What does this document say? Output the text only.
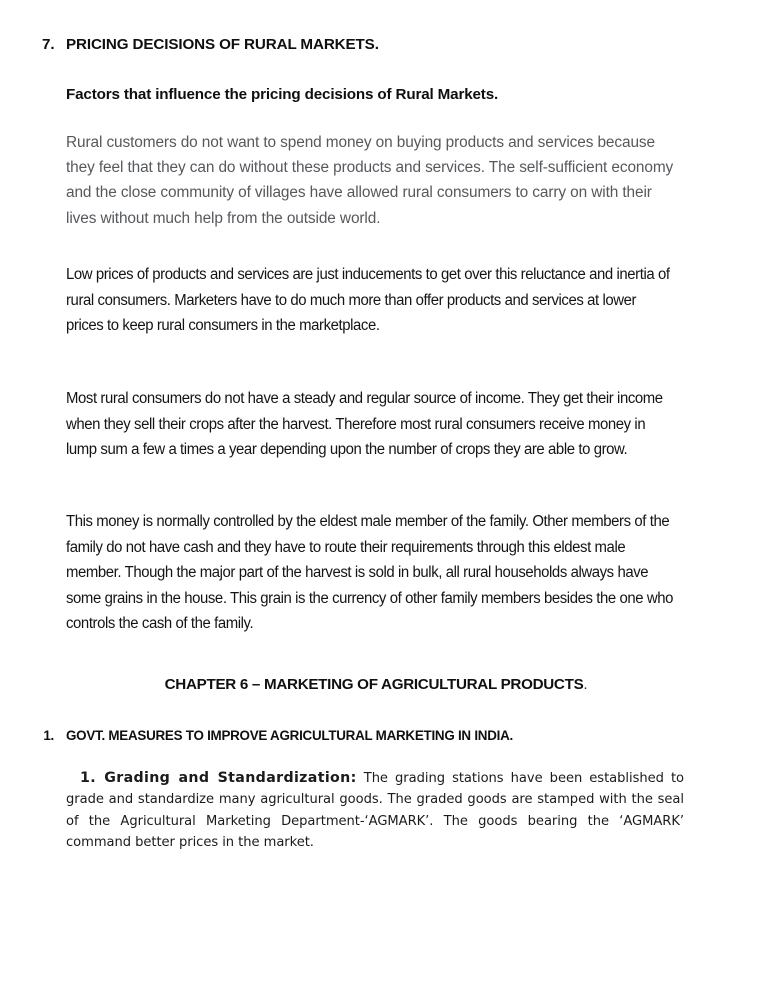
7. PRICING DECISIONS OF RURAL MARKETS.
Factors that influence the pricing decisions of Rural Markets.
Rural customers do not want to spend money on buying products and services because they feel that they can do without these products and services. The self-sufficient economy and the close community of villages have allowed rural consumers to carry on with their lives without much help from the outside world.
Low prices of products and services are just inducements to get over this reluctance and inertia of rural consumers. Marketers have to do much more than offer products and services at lower prices to keep rural consumers in the marketplace.
Most rural consumers do not have a steady and regular source of income. They get their income when they sell their crops after the harvest. Therefore most rural consumers receive money in lump sum a few a times a year depending upon the number of crops they are able to grow.
This money is normally controlled by the eldest male member of the family. Other members of the family do not have cash and they have to route their requirements through this eldest male member. Though the major part of the harvest is sold in bulk, all rural households always have some grains in the house. This grain is the currency of other family members besides the one who controls the cash of the family.
CHAPTER 6 – MARKETING OF AGRICULTURAL PRODUCTS.
1. GOVT. MEASURES TO IMPROVE AGRICULTURAL MARKETING IN INDIA.
1. Grading and Standardization: The grading stations have been established to grade and standardize many agricultural goods. The graded goods are stamped with the seal of the Agricultural Marketing Department-‘AGMARK’. The goods bearing the ‘AGMARK’ command better prices in the market.
